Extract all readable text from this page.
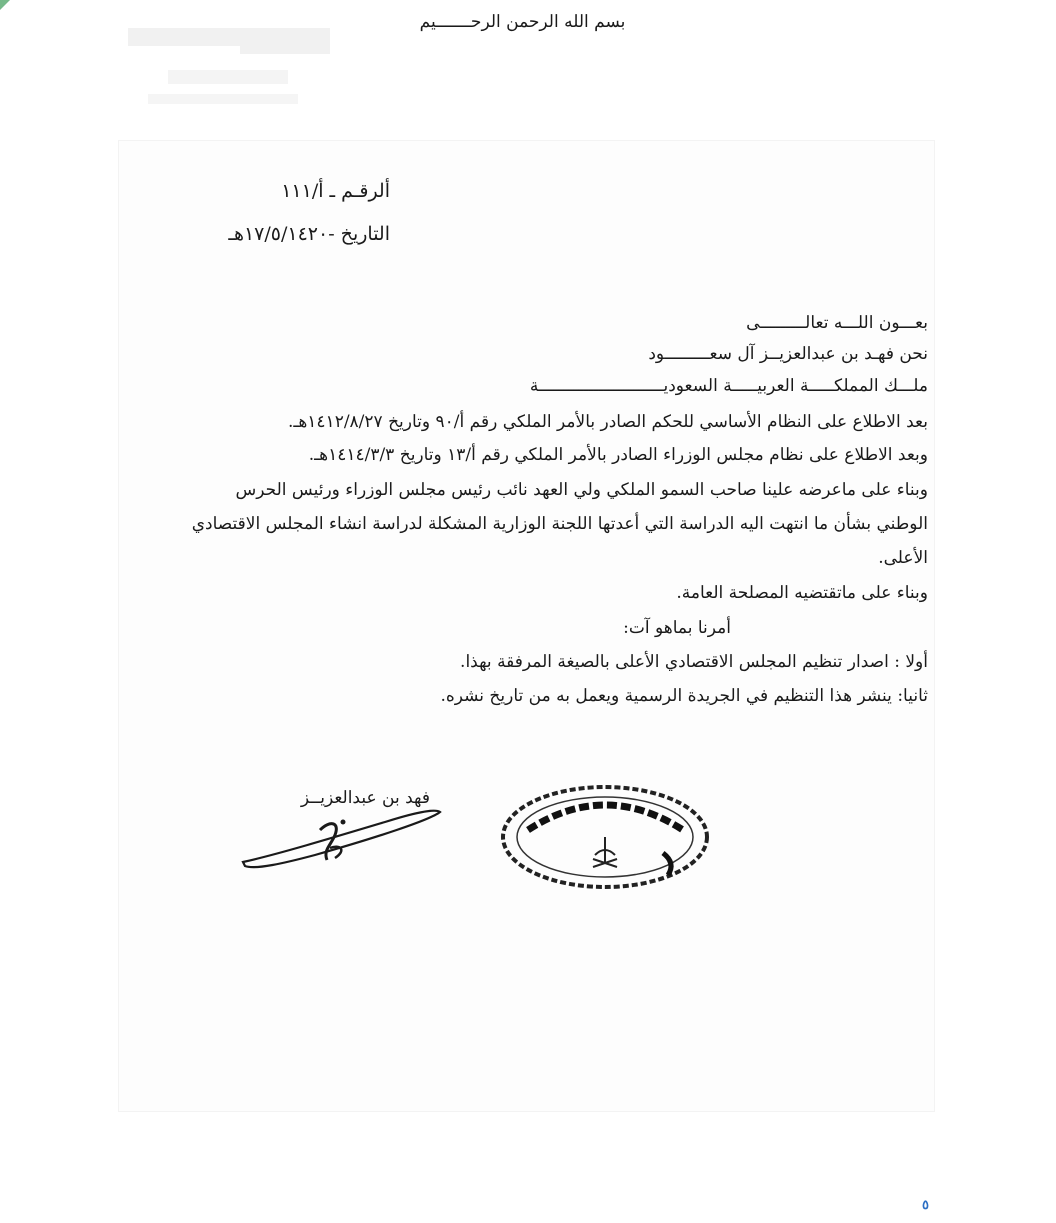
بسم الله الرحمن الرحـــــــيم
أ‌لرقـم ـ أ/١١١
التاريخ -١٧/٥/١٤٢٠هـ
بعـــون اللـــه تعالـــــــــى
نحن فهـد بن عبدالعزيــز آل سعـــــــــود
ملـــك المملكـــــة العربيـــــة السعوديـــــــــــــــــــــــــة
بعد الاطلاع على النظام الأساسي للحكم الصادر بالأمر الملكي رقم أ/٩٠ وتاريخ ١٤١٢/٨/٢٧هـ.
وبعد الاطلاع على نظام مجلس الوزراء الصادر بالأمر الملكي رقم أ/١٣ وتاريخ ١٤١٤/٣/٣هـ.
وبناء على ماعرضه علينا صاحب السمو الملكي ولي العهد نائب رئيس مجلس الوزراء ورئيس الحرس
الوطني بشأن ما انتهت اليه الدراسة التي أعدتها اللجنة الوزارية المشكلة لدراسة انشاء المجلس الاقتصادي
الأعلى.
وبناء على ماتقتضيه المصلحة العامة.
أمرنا بماهو آت:
أولا : اصدار تنظيم المجلس الاقتصادي الأعلى بالصيغة المرفقة بهذا.
ثانيا: ينشر هذا التنظيم في الجريدة الرسمية ويعمل به من تاريخ نشره.
فهد بن عبدالعزيــز
٥
